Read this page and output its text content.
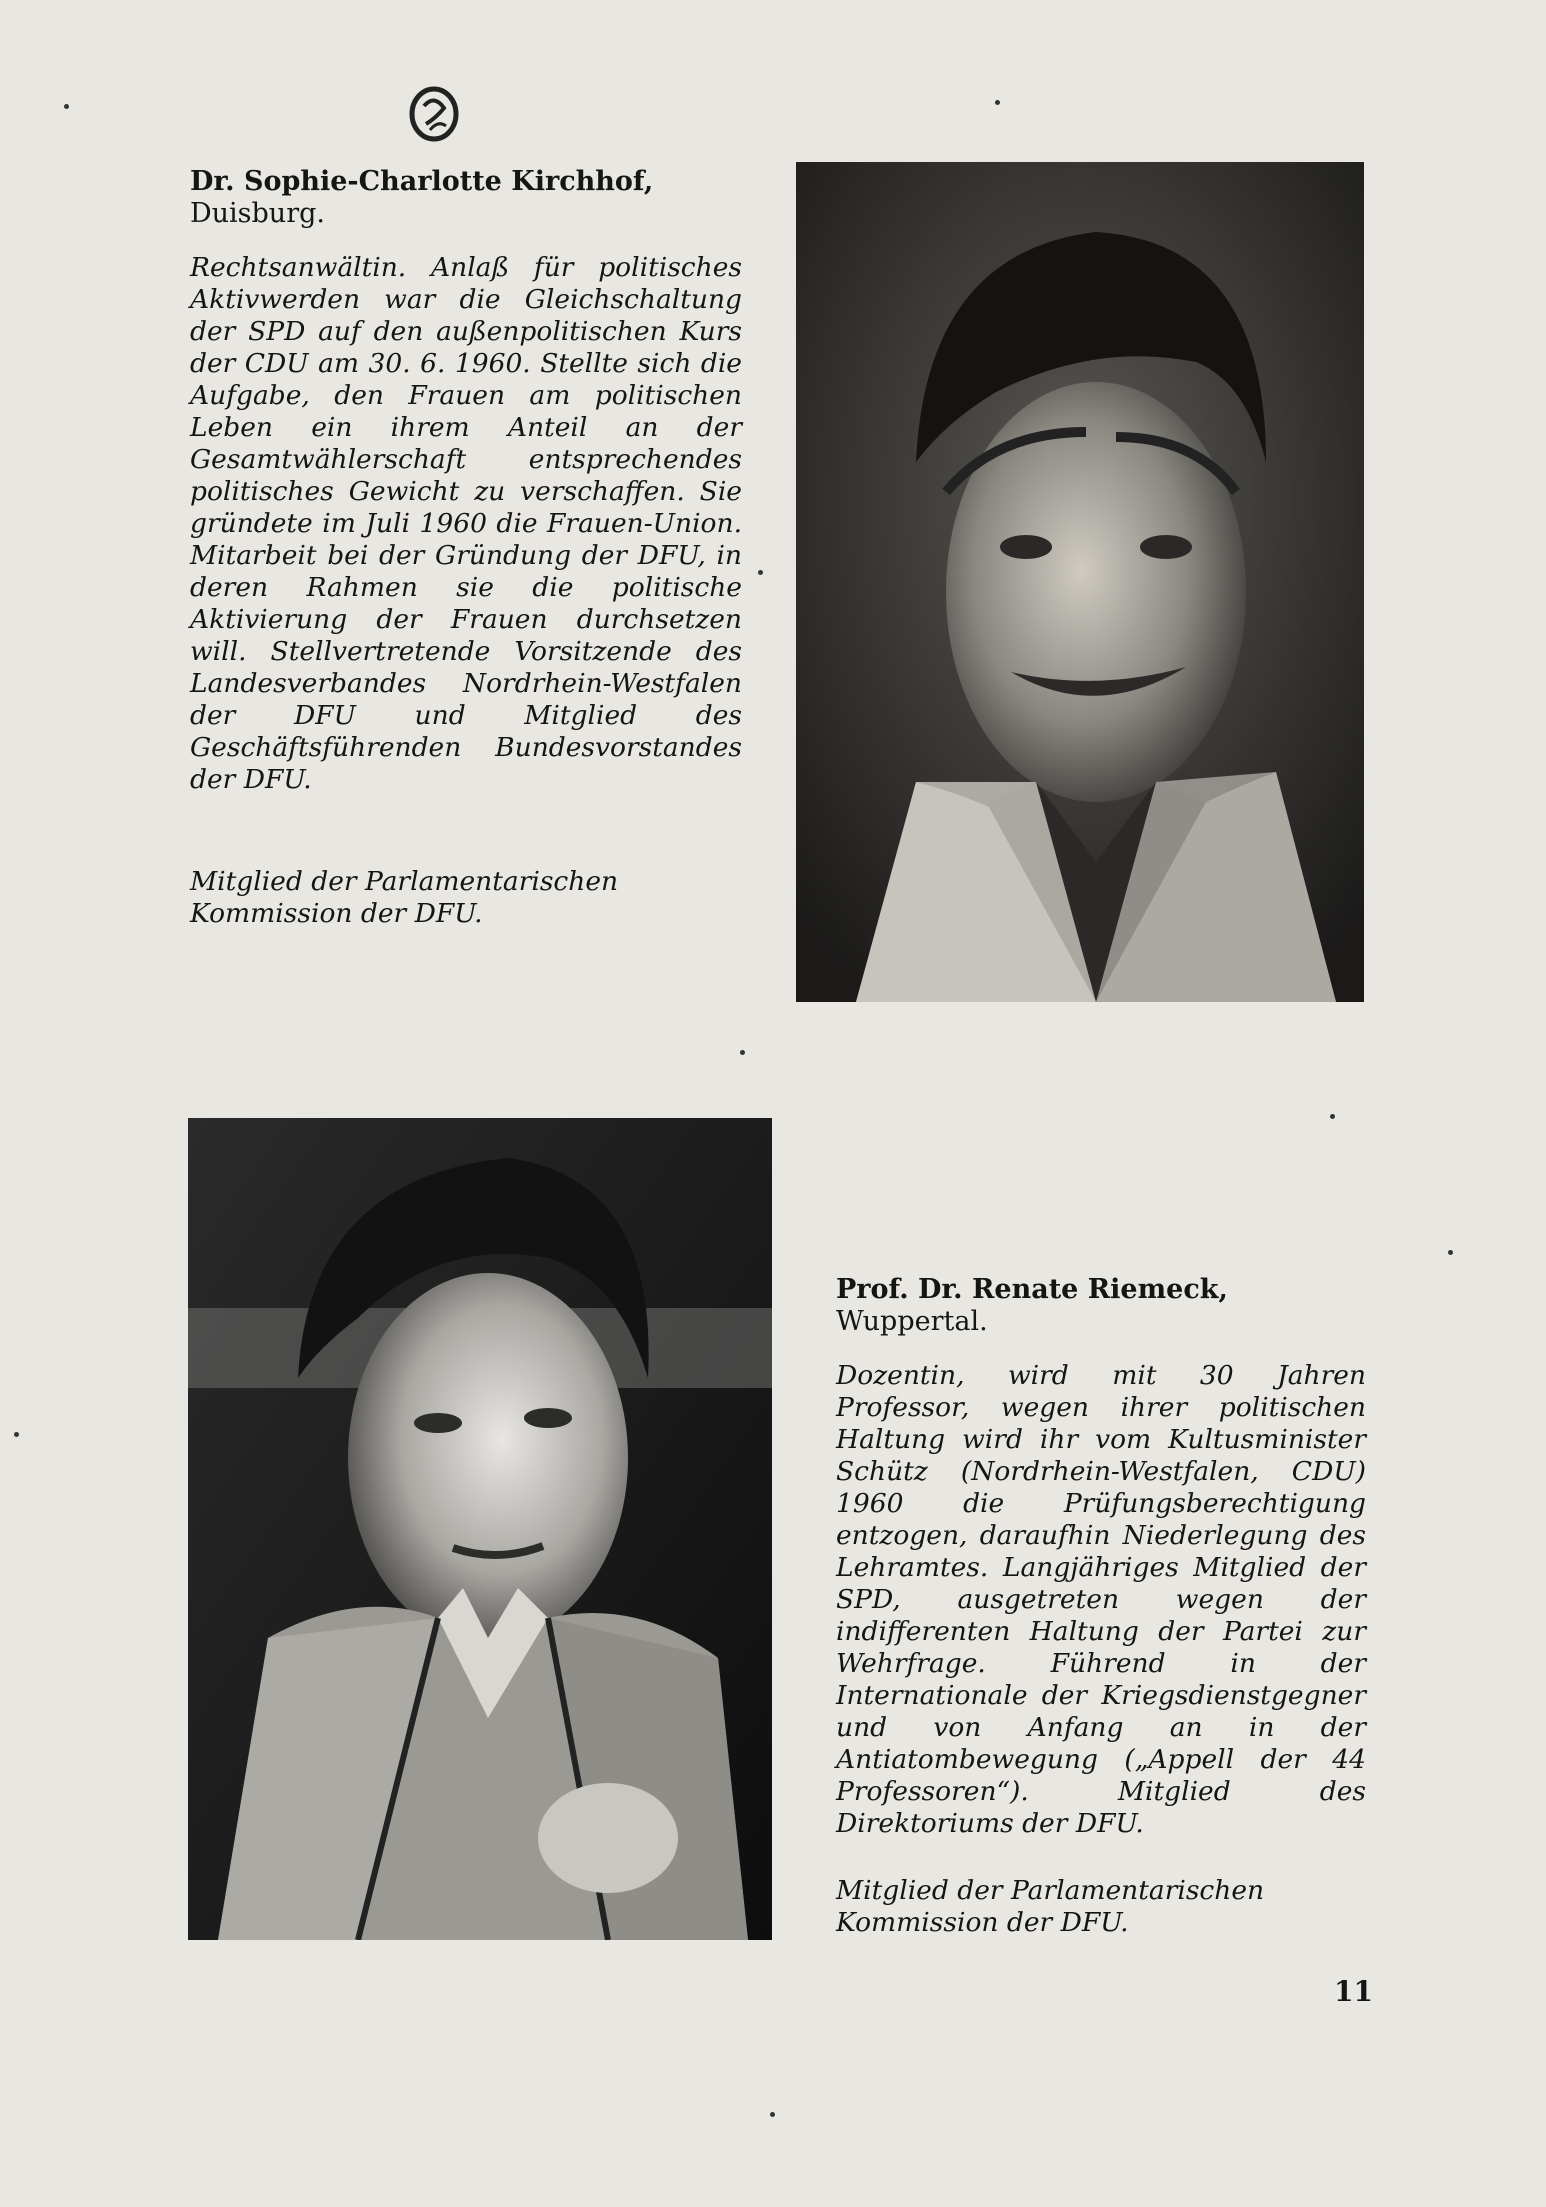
Dr. Sophie-Charlotte Kirchhof,
Duisburg.
Rechtsanwältin. Anlaß für politisches Aktivwerden war die Gleichschaltung der SPD auf den außenpolitischen Kurs der CDU am 30. 6. 1960. Stellte sich die Aufgabe, den Frauen am politischen Leben ein ihrem Anteil an der Gesamtwählerschaft entsprechendes politisches Gewicht zu verschaffen. Sie gründete im Juli 1960 die Frauen-Union. Mitarbeit bei der Gründung der DFU, in deren Rahmen sie die politische Aktivierung der Frauen durchsetzen will. Stellvertretende Vorsitzende des Landesverbandes Nordrhein-Westfalen der DFU und Mitglied des Geschäftsführenden Bundesvorstandes der DFU.
Mitglied der Parlamentarischen Kommission der DFU.
Prof. Dr. Renate Riemeck,
Wuppertal.
Dozentin, wird mit 30 Jahren Professor, wegen ihrer politischen Haltung wird ihr vom Kultusminister Schütz (Nordrhein-Westfalen, CDU) 1960 die Prüfungsberechtigung entzogen, daraufhin Niederlegung des Lehramtes. Langjähriges Mitglied der SPD, ausgetreten wegen der indifferenten Haltung der Partei zur Wehrfrage. Führend in der Internationale der Kriegsdienstgegner und von Anfang an in der Antiatombewegung („Appell der 44 Professoren“). Mitglied des Direktoriums der DFU.
Mitglied der Parlamentarischen Kommission der DFU.
11
